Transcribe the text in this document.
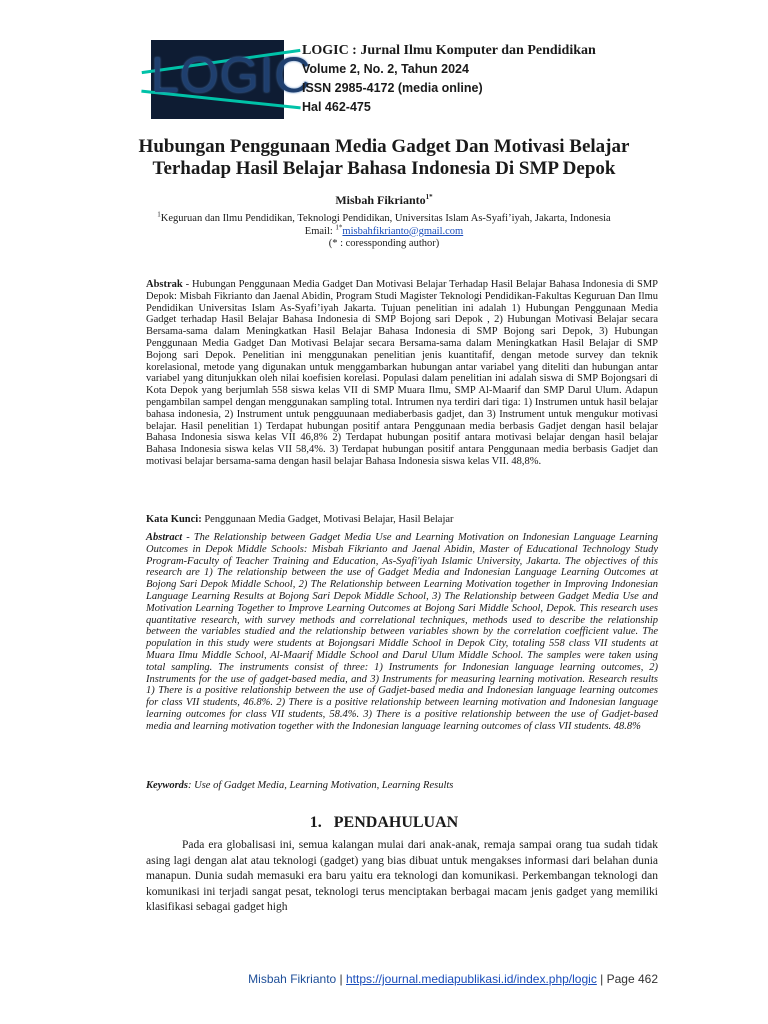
LOGIC
LOGIC : Jurnal Ilmu Komputer dan Pendidikan
Volume 2, No. 2, Tahun 2024
ISSN 2985-4172 (media online)
Hal 462-475
Hubungan Penggunaan Media Gadget Dan Motivasi Belajar Terhadap Hasil Belajar Bahasa Indonesia Di SMP Depok
Misbah Fikrianto$^{1*}$
$^1$Keguruan dan Ilmu Pendidikan, Teknologi Pendidikan, Universitas Islam As-Syafi’iyah, Jakarta, Indonesia
Email: $^{1*}$misbahfikrianto@gmail.com
(* : coressponding author)
Abstrak - Hubungan Penggunaan Media Gadget Dan Motivasi Belajar Terhadap Hasil Belajar Bahasa Indonesia di SMP Depok: Misbah Fikrianto dan Jaenal Abidin, Program Studi Magister Teknologi Pendidikan-Fakultas Keguruan Dan Ilmu Pendidikan Universitas Islam As-Syafi’iyah Jakarta. Tujuan penelitian ini adalah 1) Hubungan Penggunaan Media Gadget terhadap Hasil Belajar Bahasa Indonesia di SMP Bojong sari Depok , 2) Hubungan Motivasi Belajar secara Bersama-sama dalam Meningkatkan Hasil Belajar Bahasa Indonesia di SMP Bojong sari Depok, 3) Hubungan Penggunaan Media Gadget Dan Motivasi Belajar secara Bersama-sama dalam Meningkatkan Hasil Belajar di SMP Bojong sari Depok. Penelitian ini menggunakan penelitian jenis kuantitafif, dengan metode survey dan teknik korelasional, metode yang digunakan untuk menggambarkan hubungan antar variabel yang diteliti dan hubungan antar variabel yang ditunjukkan oleh nilai koefisien korelasi. Populasi dalam penelitian ini adalah siswa di SMP Bojongsari di Kota Depok yang berjumlah 558 siswa kelas VII di SMP Muara Ilmu, SMP Al-Maarif dan SMP Darul Ulum. Adapun pengambilan sampel dengan menggunakan sampling total. Intrumen nya terdiri dari tiga: 1) Instrumen untuk hasil belajar bahasa indonesia, 2) Instrument untuk pengguunaan mediaberbasis gadjet, dan 3) Instrument untuk mengukur motivasi belajar. Hasil penelitian 1) Terdapat hubungan positif antara Penggunaan media berbasis Gadjet dengan hasil belajar Bahasa Indonesia siswa kelas VII 46,8% 2) Terdapat hubungan positif antara motivasi belajar dengan hasil belajar Bahasa Indonesia siswa kelas VII 58,4%. 3) Terdapat hubungan positif antara Penggunaan media berbasis Gadjet dan motivasi belajar bersama-sama dengan hasil belajar Bahasa Indonesia siswa kelas VII. 48,8%.
Kata Kunci: Penggunaan Media Gadget, Motivasi Belajar, Hasil Belajar
Abstract - The Relationship between Gadget Media Use and Learning Motivation on Indonesian Language Learning Outcomes in Depok Middle Schools: Misbah Fikrianto and Jaenal Abidin, Master of Educational Technology Study Program-Faculty of Teacher Training and Education, As-Syafi'iyah Islamic University, Jakarta. The objectives of this research are 1) The relationship between the use of Gadget Media and Indonesian Language Learning Outcomes at Bojong Sari Depok Middle School, 2) The Relationship between Learning Motivation together in Improving Indonesian Language Learning Results at Bojong Sari Depok Middle School, 3) The Relationship between Gadget Media Use and Motivation Learning Together to Improve Learning Outcomes at Bojong Sari Middle School, Depok. This research uses quantitative research, with survey methods and correlational techniques, methods used to describe the relationship between the variables studied and the relationship between variables shown by the correlation coefficient value. The population in this study were students at Bojongsari Middle School in Depok City, totaling 558 class VII students at Muara Ilmu Middle School, Al-Maarif Middle School and Darul Ulum Middle School. The samples were taken using total sampling. The instruments consist of three: 1) Instruments for Indonesian language learning outcomes, 2) Instruments for the use of gadget-based media, and 3) Instruments for measuring learning motivation. Research results 1) There is a positive relationship between the use of Gadjet-based media and Indonesian language learning outcomes for class VII students, 46.8%. 2) There is a positive relationship between learning motivation and Indonesian language learning outcomes for class VII students, 58.4%. 3) There is a positive relationship between the use of Gadjet-based media and learning motivation together with the Indonesian language learning outcomes of class VII students. 48.8%
Keywords: Use of Gadget Media, Learning Motivation, Learning Results
1. PENDAHULUAN
Pada era globalisasi ini, semua kalangan mulai dari anak-anak, remaja sampai orang tua sudah tidak asing lagi dengan alat atau teknologi (gadget) yang bias dibuat untuk mengakses informasi dari belahan dunia manapun. Dunia sudah memasuki era baru yaitu era teknologi dan komunikasi. Perkembangan teknologi dan komunikasi ini terjadi sangat pesat, teknologi terus menciptakan berbagai macam jenis gadget yang memiliki klasifikasi sebagai gadget high
Misbah Fikrianto | https://journal.mediapublikasi.id/index.php/logic | Page 462
